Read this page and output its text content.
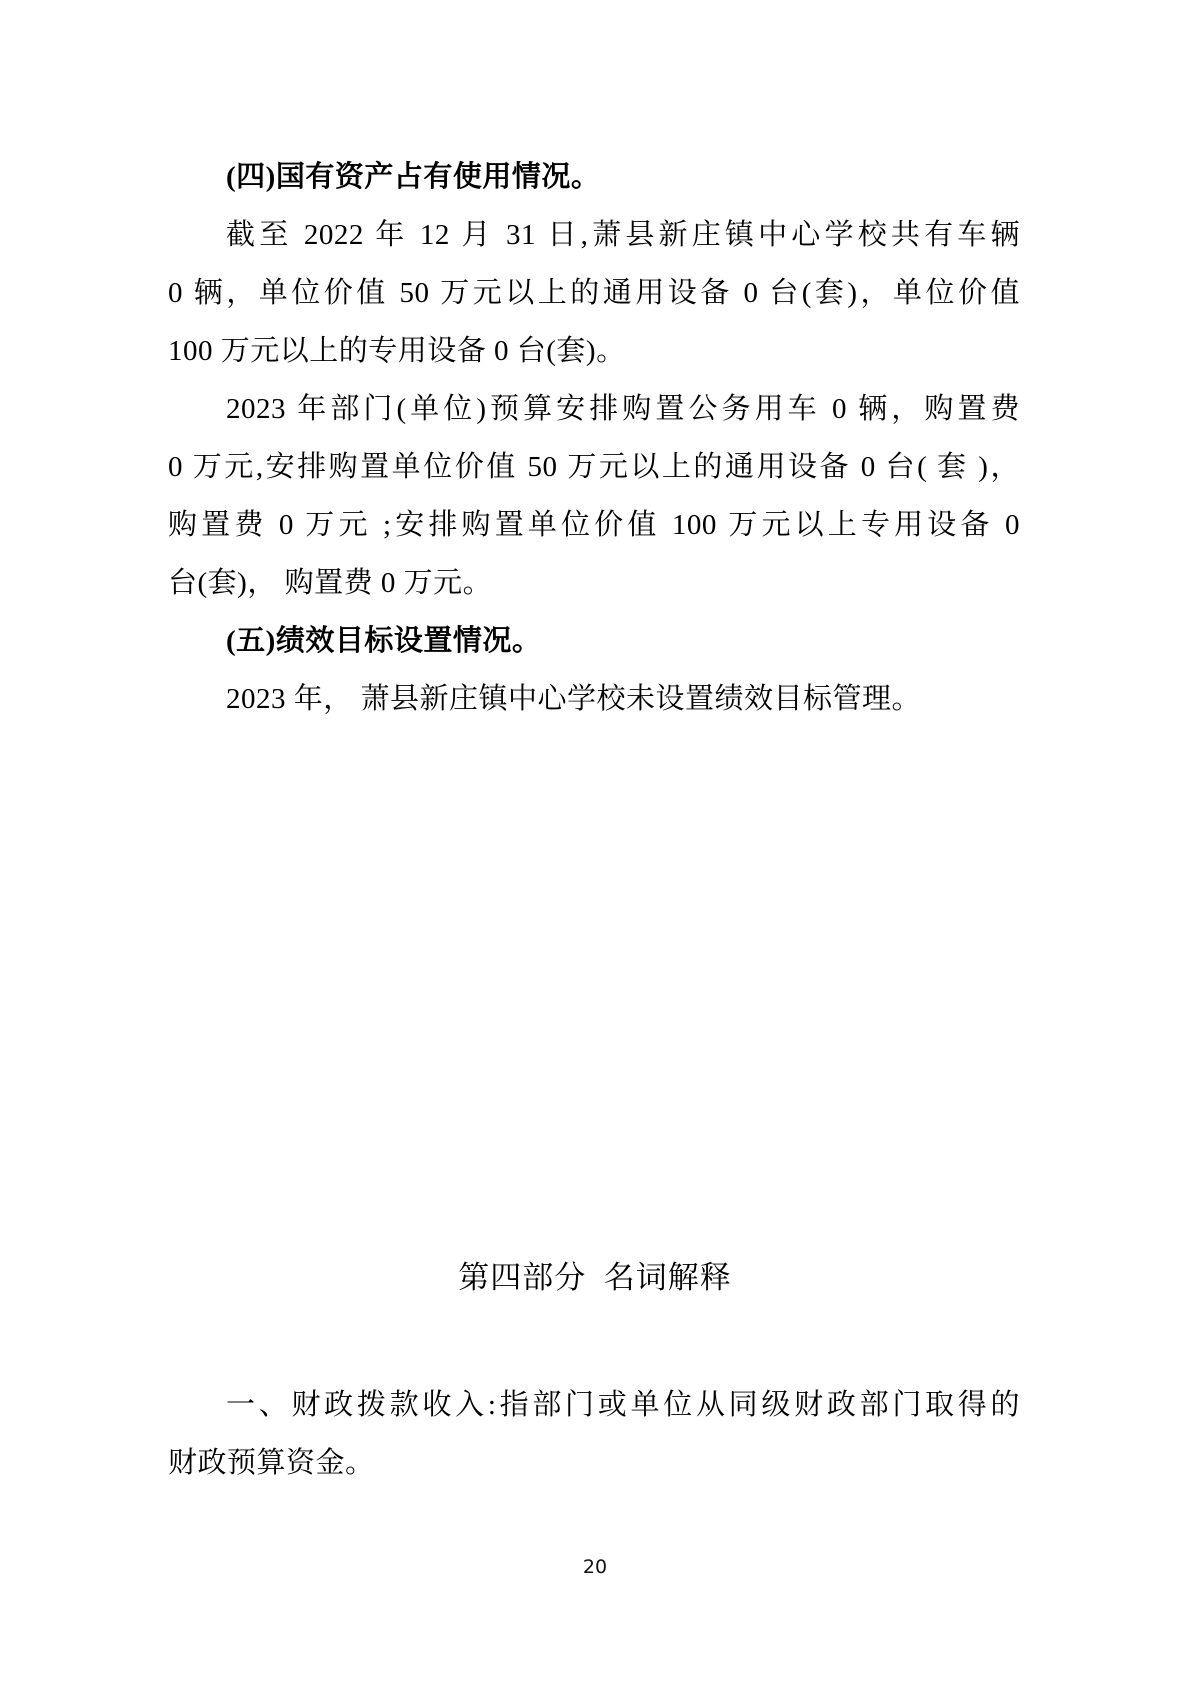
(四)国有资产占有使用情况。
截至 2022 年 12 月 31 日,萧县新庄镇中心学校共有车辆
0 辆，单位价值 50 万元以上的通用设备 0 台(套)，单位价值
100 万元以上的专用设备 0 台(套)。
2023 年部门(单位)预算安排购置公务用车 0 辆，购置费
0 万元,安排购置单位价值 50 万元以上的通用设备 0 台( 套 )，
购置费 0 万元 ;安排购置单位价值 100 万元以上专用设备 0
台(套)， 购置费 0 万元。
(五)绩效目标设置情况。
2023 年， 萧县新庄镇中心学校未设置绩效目标管理。
第四部分  名词解释
一、财政拨款收入:指部门或单位从同级财政部门取得的
财政预算资金。
20
